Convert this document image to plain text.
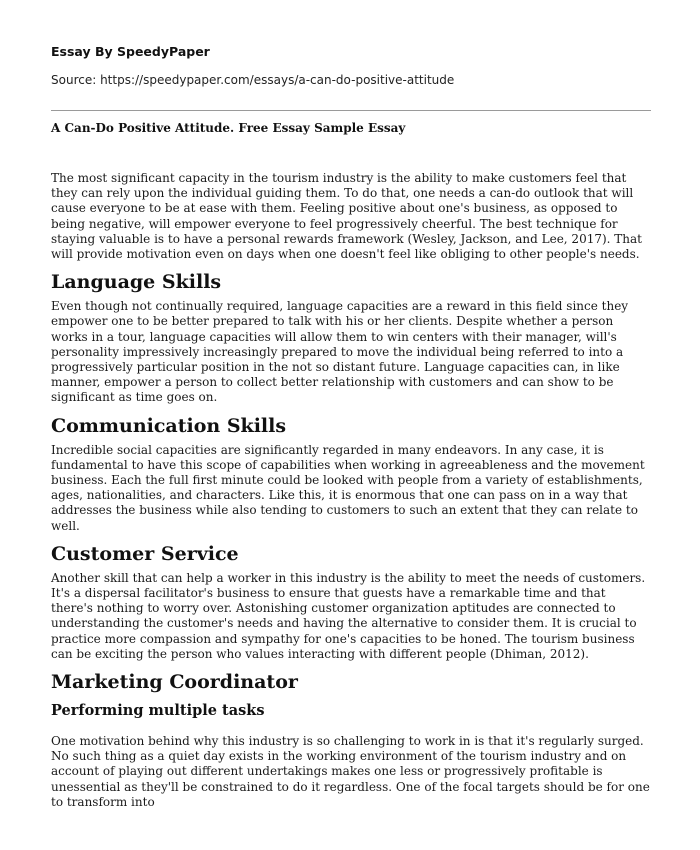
Essay By SpeedyPaper

Source: https://speedypaper.com/essays/a-can-do-positive-attitude

A Can-Do Positive Attitude. Free Essay Sample Essay

The most significant capacity in the tourism industry is the ability to make customers feel that they can rely upon the individual guiding them. To do that, one needs a can-do outlook that will cause everyone to be at ease with them. Feeling positive about one's business, as opposed to being negative, will empower everyone to feel progressively cheerful. The best technique for staying valuable is to have a personal rewards framework (Wesley, Jackson, and Lee, 2017). That will provide motivation even on days when one doesn't feel like obliging to other people's needs.

Language Skills

Even though not continually required, language capacities are a reward in this field since they empower one to be better prepared to talk with his or her clients. Despite whether a person works in a tour, language capacities will allow them to win centers with their manager, will's personality impressively increasingly prepared to move the individual being referred to into a progressively particular position in the not so distant future. Language capacities can, in like manner, empower a person to collect better relationship with customers and can show to be significant as time goes on.

Communication Skills

Incredible social capacities are significantly regarded in many endeavors. In any case, it is fundamental to have this scope of capabilities when working in agreeableness and the movement business. Each the full first minute could be looked with people from a variety of establishments, ages, nationalities, and characters. Like this, it is enormous that one can pass on in a way that addresses the business while also tending to customers to such an extent that they can relate to well.

Customer Service

Another skill that can help a worker in this industry is the ability to meet the needs of customers. It's a dispersal facilitator's business to ensure that guests have a remarkable time and that there's nothing to worry over. Astonishing customer organization aptitudes are connected to understanding the customer's needs and having the alternative to consider them. It is crucial to practice more compassion and sympathy for one's capacities to be honed. The tourism business can be exciting the person who values interacting with different people (Dhiman, 2012).

Marketing Coordinator
Performing multiple tasks

One motivation behind why this industry is so challenging to work in is that it's regularly surged. No such thing as a quiet day exists in the working environment of the tourism industry and on account of playing out different undertakings makes one less or progressively profitable is unessential as they'll be constrained to do it regardless. One of the focal targets should be for one to transform into
